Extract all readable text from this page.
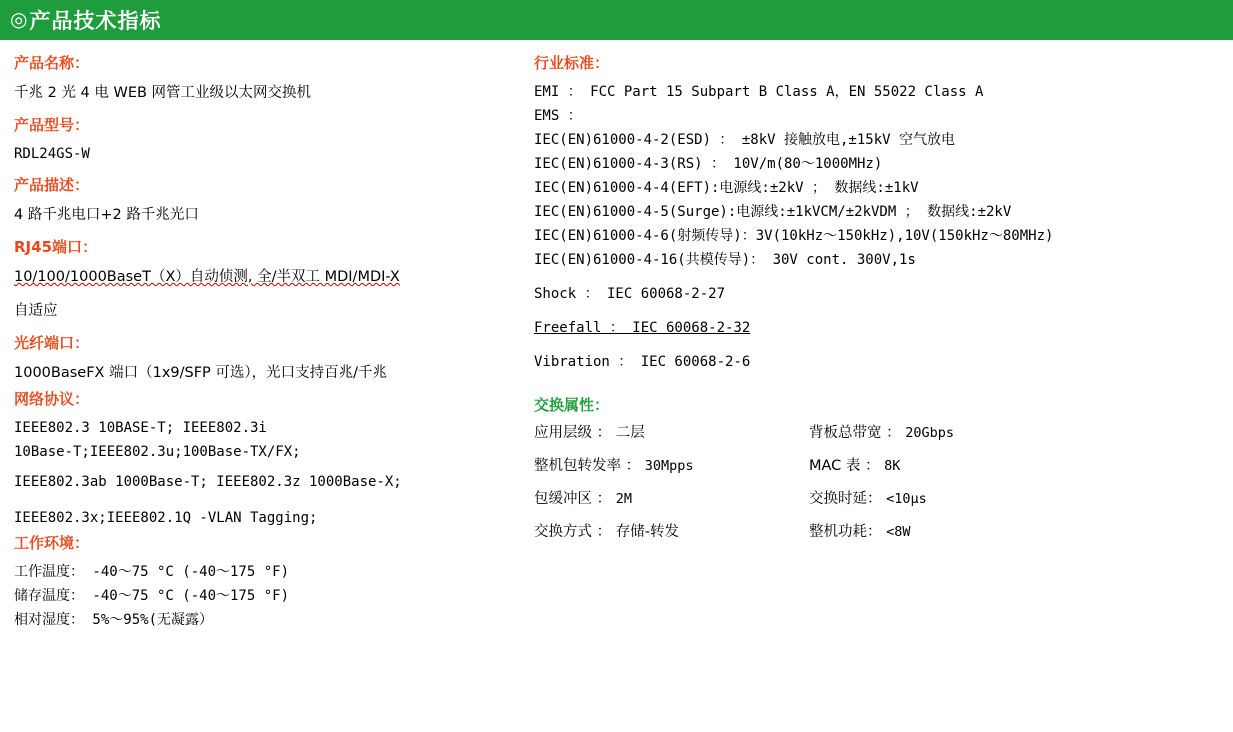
◎ 产品技术指标
产品名称：
千兆 2 光 4 电 WEB 网管工业级以太网交换机
产品型号：
RDL24GS-W
产品描述：
4 路千兆电口+2 路千兆光口
RJ45端口：
10/100/1000BaseT（X）自动侦测, 全/半双工 MDI/MDI-X
自适应
光纤端口：
1000BaseFX 端口（1x9/SFP 可选），光口支持百兆/千兆
网络协议：
IEEE802.3 10BASE-T; IEEE802.3i
10Base-T;IEEE802.3u;100Base-TX/FX;
IEEE802.3ab 1000Base-T; IEEE802.3z 1000Base-X;
IEEE802.3x;IEEE802.1Q -VLAN Tagging;
工作环境：
工作温度： -40～75 °C (-40～175 °F)
储存温度： -40～75 °C (-40～175 °F)
相对湿度： 5%～95%(无凝露）
行业标准：
EMI ： FCC Part 15 Subpart B Class A，EN 55022 Class A
EMS ：
IEC(EN)61000-4-2(ESD) ： ±8kV 接触放电,±15kV 空气放电
IEC(EN)61000-4-3(RS) ： 10V/m(80～1000MHz)
IEC(EN)61000-4-4(EFT):电源线:±2kV ； 数据线:±1kV
IEC(EN)61000-4-5(Surge):电源线:±1kVCM/±2kVDM ； 数据线:±2kV
IEC(EN)61000-4-6(射频传导)：3V(10kHz～150kHz),10V(150kHz～80MHz)
IEC(EN)61000-4-16(共模传导)： 30V cont. 300V,1s
Shock ： IEC 60068-2-27
Freefall ： IEC 60068-2-32
Vibration ： IEC 60068-2-6
交换属性：
应用层级 ： 二层	背板总带宽 ： 20Gbps
整机包转发率 ： 30Mpps	MAC 表 ： 8K
包缓冲区 ： 2M	交换时延： <10μs
交换方式 ： 存储-转发	整机功耗： <8W
